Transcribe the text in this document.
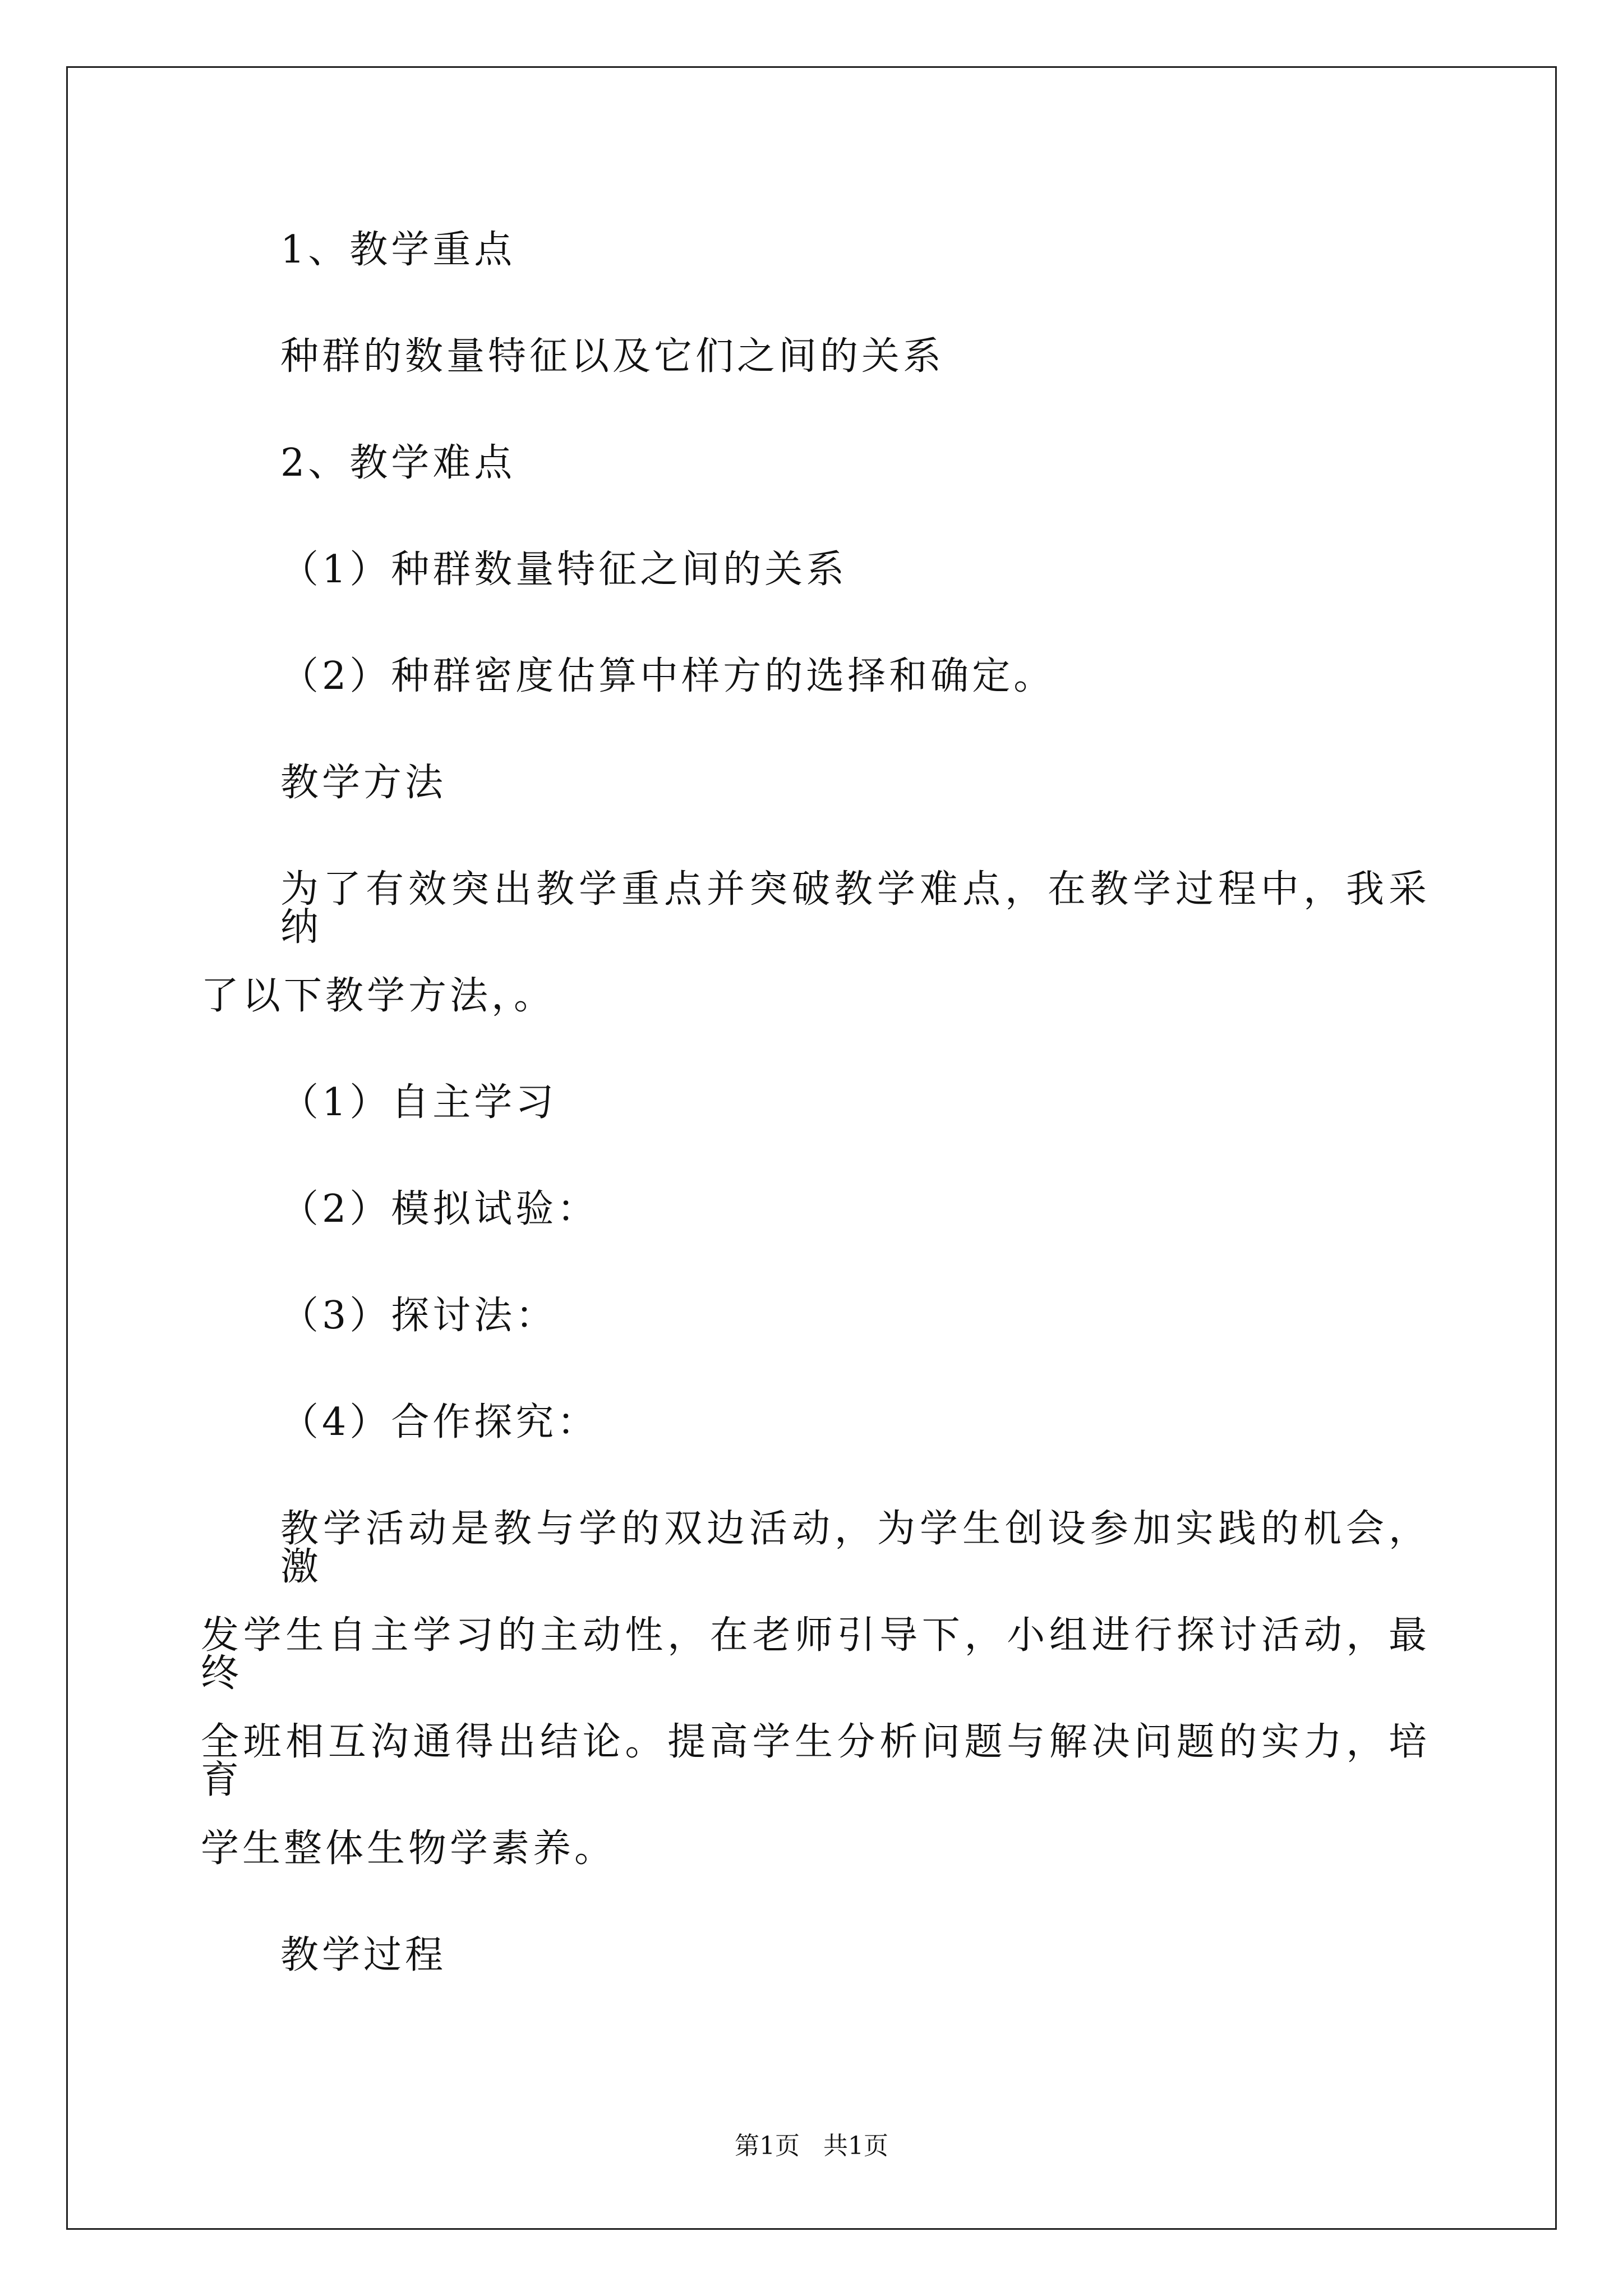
1、教学重点
种群的数量特征以及它们之间的关系
2、教学难点
（1）种群数量特征之间的关系
（2）种群密度估算中样方的选择和确定。
教学方法
为了有效突出教学重点并突破教学难点，在教学过程中，我采纳
了以下教学方法，。
（1）自主学习
（2）模拟试验：
（3）探讨法：
（4）合作探究：
教学活动是教与学的双边活动，为学生创设参加实践的机会，激
发学生自主学习的主动性，在老师引导下，小组进行探讨活动，最终
全班相互沟通得出结论。提高学生分析问题与解决问题的实力，培育
学生整体生物学素养。
教学过程
第1页   共1页
